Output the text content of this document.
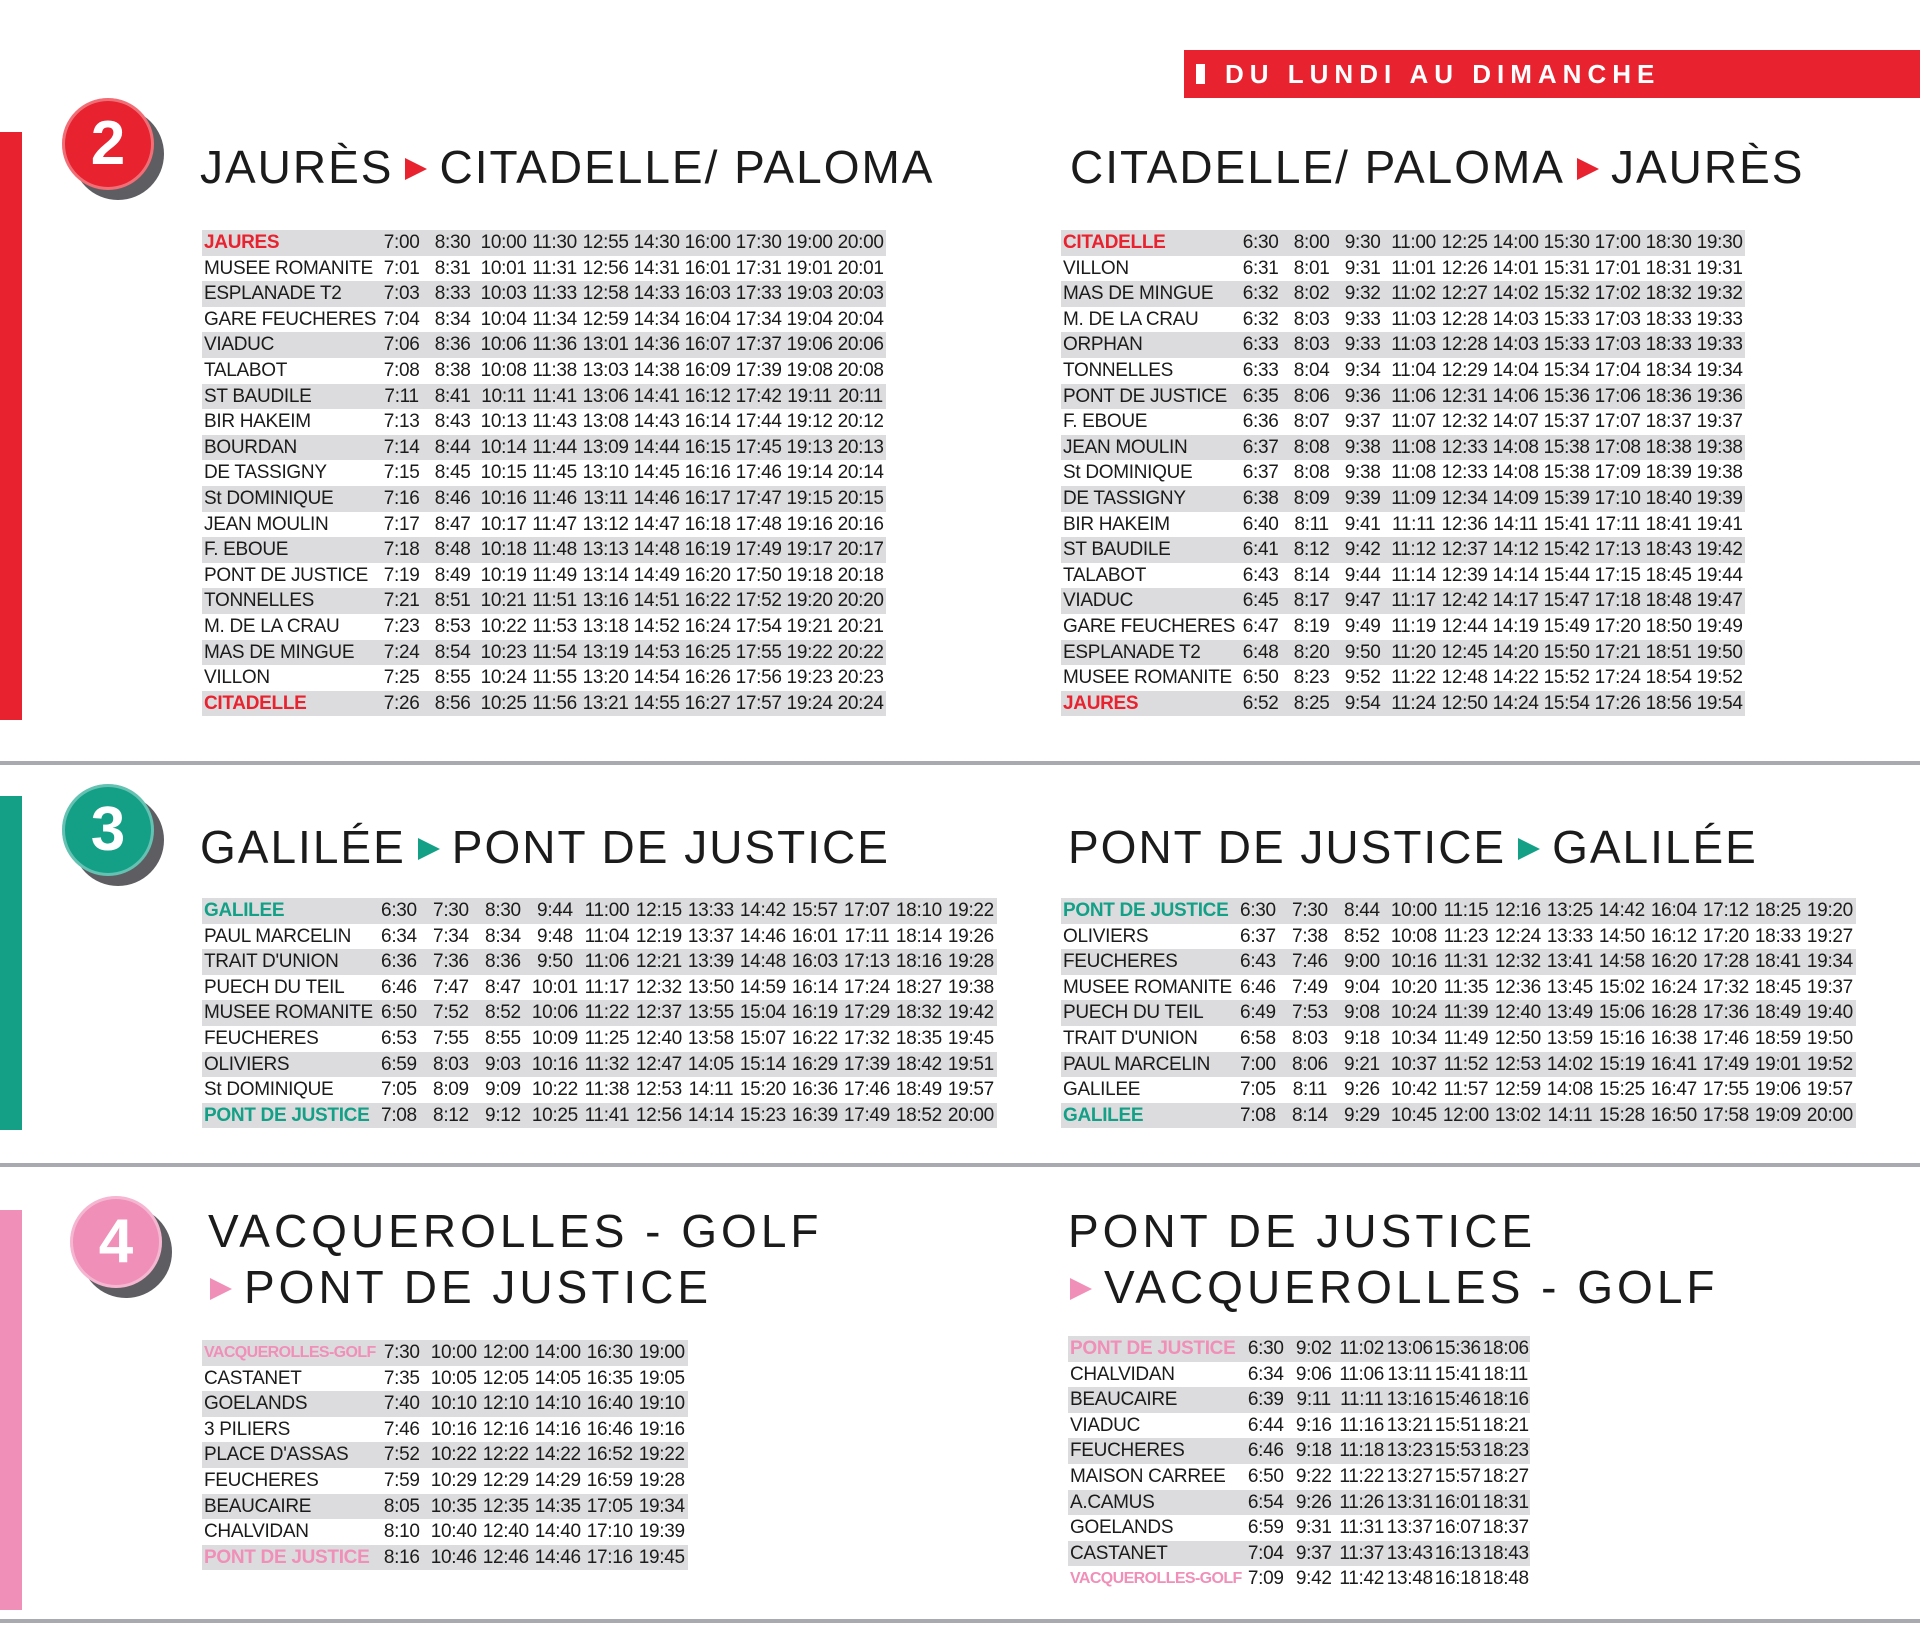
DU LUNDI AU DIMANCHE
2
3
4
JAURÈS CITADELLE/ PALOMA	CITADELLE/ PALOMA JAURÈS
GALILÉE PONT DE JUSTICE	PONT DE JUSTICE GALILÉE
VACQUEROLLES - GOLF
PONT DE JUSTICE
PONT DE JUSTICE
VACQUEROLLES - GOLF
JAURES	7:00	8:30	10:00	11:30	12:55	14:30	16:00	17:30	19:00	20:00
MUSEE ROMANITE	7:01	8:31	10:01	11:31	12:56	14:31	16:01	17:31	19:01	20:01
ESPLANADE T2	7:03	8:33	10:03	11:33	12:58	14:33	16:03	17:33	19:03	20:03
GARE FEUCHERES	7:04	8:34	10:04	11:34	12:59	14:34	16:04	17:34	19:04	20:04
VIADUC	7:06	8:36	10:06	11:36	13:01	14:36	16:07	17:37	19:06	20:06
TALABOT	7:08	8:38	10:08	11:38	13:03	14:38	16:09	17:39	19:08	20:08
ST BAUDILE	7:11	8:41	10:11	11:41	13:06	14:41	16:12	17:42	19:11	20:11
BIR HAKEIM	7:13	8:43	10:13	11:43	13:08	14:43	16:14	17:44	19:12	20:12
BOURDAN	7:14	8:44	10:14	11:44	13:09	14:44	16:15	17:45	19:13	20:13
DE TASSIGNY	7:15	8:45	10:15	11:45	13:10	14:45	16:16	17:46	19:14	20:14
St DOMINIQUE	7:16	8:46	10:16	11:46	13:11	14:46	16:17	17:47	19:15	20:15
JEAN MOULIN	7:17	8:47	10:17	11:47	13:12	14:47	16:18	17:48	19:16	20:16
F. EBOUE	7:18	8:48	10:18	11:48	13:13	14:48	16:19	17:49	19:17	20:17
PONT DE JUSTICE	7:19	8:49	10:19	11:49	13:14	14:49	16:20	17:50	19:18	20:18
TONNELLES	7:21	8:51	10:21	11:51	13:16	14:51	16:22	17:52	19:20	20:20
M. DE LA CRAU	7:23	8:53	10:22	11:53	13:18	14:52	16:24	17:54	19:21	20:21
MAS DE MINGUE	7:24	8:54	10:23	11:54	13:19	14:53	16:25	17:55	19:22	20:22
VILLON	7:25	8:55	10:24	11:55	13:20	14:54	16:26	17:56	19:23	20:23
CITADELLE	7:26	8:56	10:25	11:56	13:21	14:55	16:27	17:57	19:24	20:24
CITADELLE	6:30	8:00	9:30	11:00	12:25	14:00	15:30	17:00	18:30	19:30
VILLON	6:31	8:01	9:31	11:01	12:26	14:01	15:31	17:01	18:31	19:31
MAS DE MINGUE	6:32	8:02	9:32	11:02	12:27	14:02	15:32	17:02	18:32	19:32
M. DE LA CRAU	6:32	8:03	9:33	11:03	12:28	14:03	15:33	17:03	18:33	19:33
ORPHAN	6:33	8:03	9:33	11:03	12:28	14:03	15:33	17:03	18:33	19:33
TONNELLES	6:33	8:04	9:34	11:04	12:29	14:04	15:34	17:04	18:34	19:34
PONT DE JUSTICE	6:35	8:06	9:36	11:06	12:31	14:06	15:36	17:06	18:36	19:36
F. EBOUE	6:36	8:07	9:37	11:07	12:32	14:07	15:37	17:07	18:37	19:37
JEAN MOULIN	6:37	8:08	9:38	11:08	12:33	14:08	15:38	17:08	18:38	19:38
St DOMINIQUE	6:37	8:08	9:38	11:08	12:33	14:08	15:38	17:09	18:39	19:38
DE TASSIGNY	6:38	8:09	9:39	11:09	12:34	14:09	15:39	17:10	18:40	19:39
BIR HAKEIM	6:40	8:11	9:41	11:11	12:36	14:11	15:41	17:11	18:41	19:41
ST BAUDILE	6:41	8:12	9:42	11:12	12:37	14:12	15:42	17:13	18:43	19:42
TALABOT	6:43	8:14	9:44	11:14	12:39	14:14	15:44	17:15	18:45	19:44
VIADUC	6:45	8:17	9:47	11:17	12:42	14:17	15:47	17:18	18:48	19:47
GARE FEUCHERES	6:47	8:19	9:49	11:19	12:44	14:19	15:49	17:20	18:50	19:49
ESPLANADE T2	6:48	8:20	9:50	11:20	12:45	14:20	15:50	17:21	18:51	19:50
MUSEE ROMANITE	6:50	8:23	9:52	11:22	12:48	14:22	15:52	17:24	18:54	19:52
JAURES	6:52	8:25	9:54	11:24	12:50	14:24	15:54	17:26	18:56	19:54
GALILEE	6:30	7:30	8:30	9:44	11:00	12:15	13:33	14:42	15:57	17:07	18:10	19:22
PAUL MARCELIN	6:34	7:34	8:34	9:48	11:04	12:19	13:37	14:46	16:01	17:11	18:14	19:26
TRAIT D'UNION	6:36	7:36	8:36	9:50	11:06	12:21	13:39	14:48	16:03	17:13	18:16	19:28
PUECH DU TEIL	6:46	7:47	8:47	10:01	11:17	12:32	13:50	14:59	16:14	17:24	18:27	19:38
MUSEE ROMANITE	6:50	7:52	8:52	10:06	11:22	12:37	13:55	15:04	16:19	17:29	18:32	19:42
FEUCHERES	6:53	7:55	8:55	10:09	11:25	12:40	13:58	15:07	16:22	17:32	18:35	19:45
OLIVIERS	6:59	8:03	9:03	10:16	11:32	12:47	14:05	15:14	16:29	17:39	18:42	19:51
St DOMINIQUE	7:05	8:09	9:09	10:22	11:38	12:53	14:11	15:20	16:36	17:46	18:49	19:57
PONT DE JUSTICE	7:08	8:12	9:12	10:25	11:41	12:56	14:14	15:23	16:39	17:49	18:52	20:00
PONT DE JUSTICE	6:30	7:30	8:44	10:00	11:15	12:16	13:25	14:42	16:04	17:12	18:25	19:20
OLIVIERS	6:37	7:38	8:52	10:08	11:23	12:24	13:33	14:50	16:12	17:20	18:33	19:27
FEUCHERES	6:43	7:46	9:00	10:16	11:31	12:32	13:41	14:58	16:20	17:28	18:41	19:34
MUSEE ROMANITE	6:46	7:49	9:04	10:20	11:35	12:36	13:45	15:02	16:24	17:32	18:45	19:37
PUECH DU TEIL	6:49	7:53	9:08	10:24	11:39	12:40	13:49	15:06	16:28	17:36	18:49	19:40
TRAIT D'UNION	6:58	8:03	9:18	10:34	11:49	12:50	13:59	15:16	16:38	17:46	18:59	19:50
PAUL MARCELIN	7:00	8:06	9:21	10:37	11:52	12:53	14:02	15:19	16:41	17:49	19:01	19:52
GALILEE	7:05	8:11	9:26	10:42	11:57	12:59	14:08	15:25	16:47	17:55	19:06	19:57
GALILEE	7:08	8:14	9:29	10:45	12:00	13:02	14:11	15:28	16:50	17:58	19:09	20:00
VACQUEROLLES-GOLF	7:30	10:00	12:00	14:00	16:30	19:00
CASTANET	7:35	10:05	12:05	14:05	16:35	19:05
GOELANDS	7:40	10:10	12:10	14:10	16:40	19:10
3 PILIERS	7:46	10:16	12:16	14:16	16:46	19:16
PLACE D'ASSAS	7:52	10:22	12:22	14:22	16:52	19:22
FEUCHERES	7:59	10:29	12:29	14:29	16:59	19:28
BEAUCAIRE	8:05	10:35	12:35	14:35	17:05	19:34
CHALVIDAN	8:10	10:40	12:40	14:40	17:10	19:39
PONT DE JUSTICE	8:16	10:46	12:46	14:46	17:16	19:45
PONT DE JUSTICE	6:30	9:02	11:02	13:06	15:36	18:06
CHALVIDAN	6:34	9:06	11:06	13:11	15:41	18:11
BEAUCAIRE	6:39	9:11	11:11	13:16	15:46	18:16
VIADUC	6:44	9:16	11:16	13:21	15:51	18:21
FEUCHERES	6:46	9:18	11:18	13:23	15:53	18:23
MAISON CARREE	6:50	9:22	11:22	13:27	15:57	18:27
A.CAMUS	6:54	9:26	11:26	13:31	16:01	18:31
GOELANDS	6:59	9:31	11:31	13:37	16:07	18:37
CASTANET	7:04	9:37	11:37	13:43	16:13	18:43
VACQUEROLLES-GOLF	7:09	9:42	11:42	13:48	16:18	18:48
